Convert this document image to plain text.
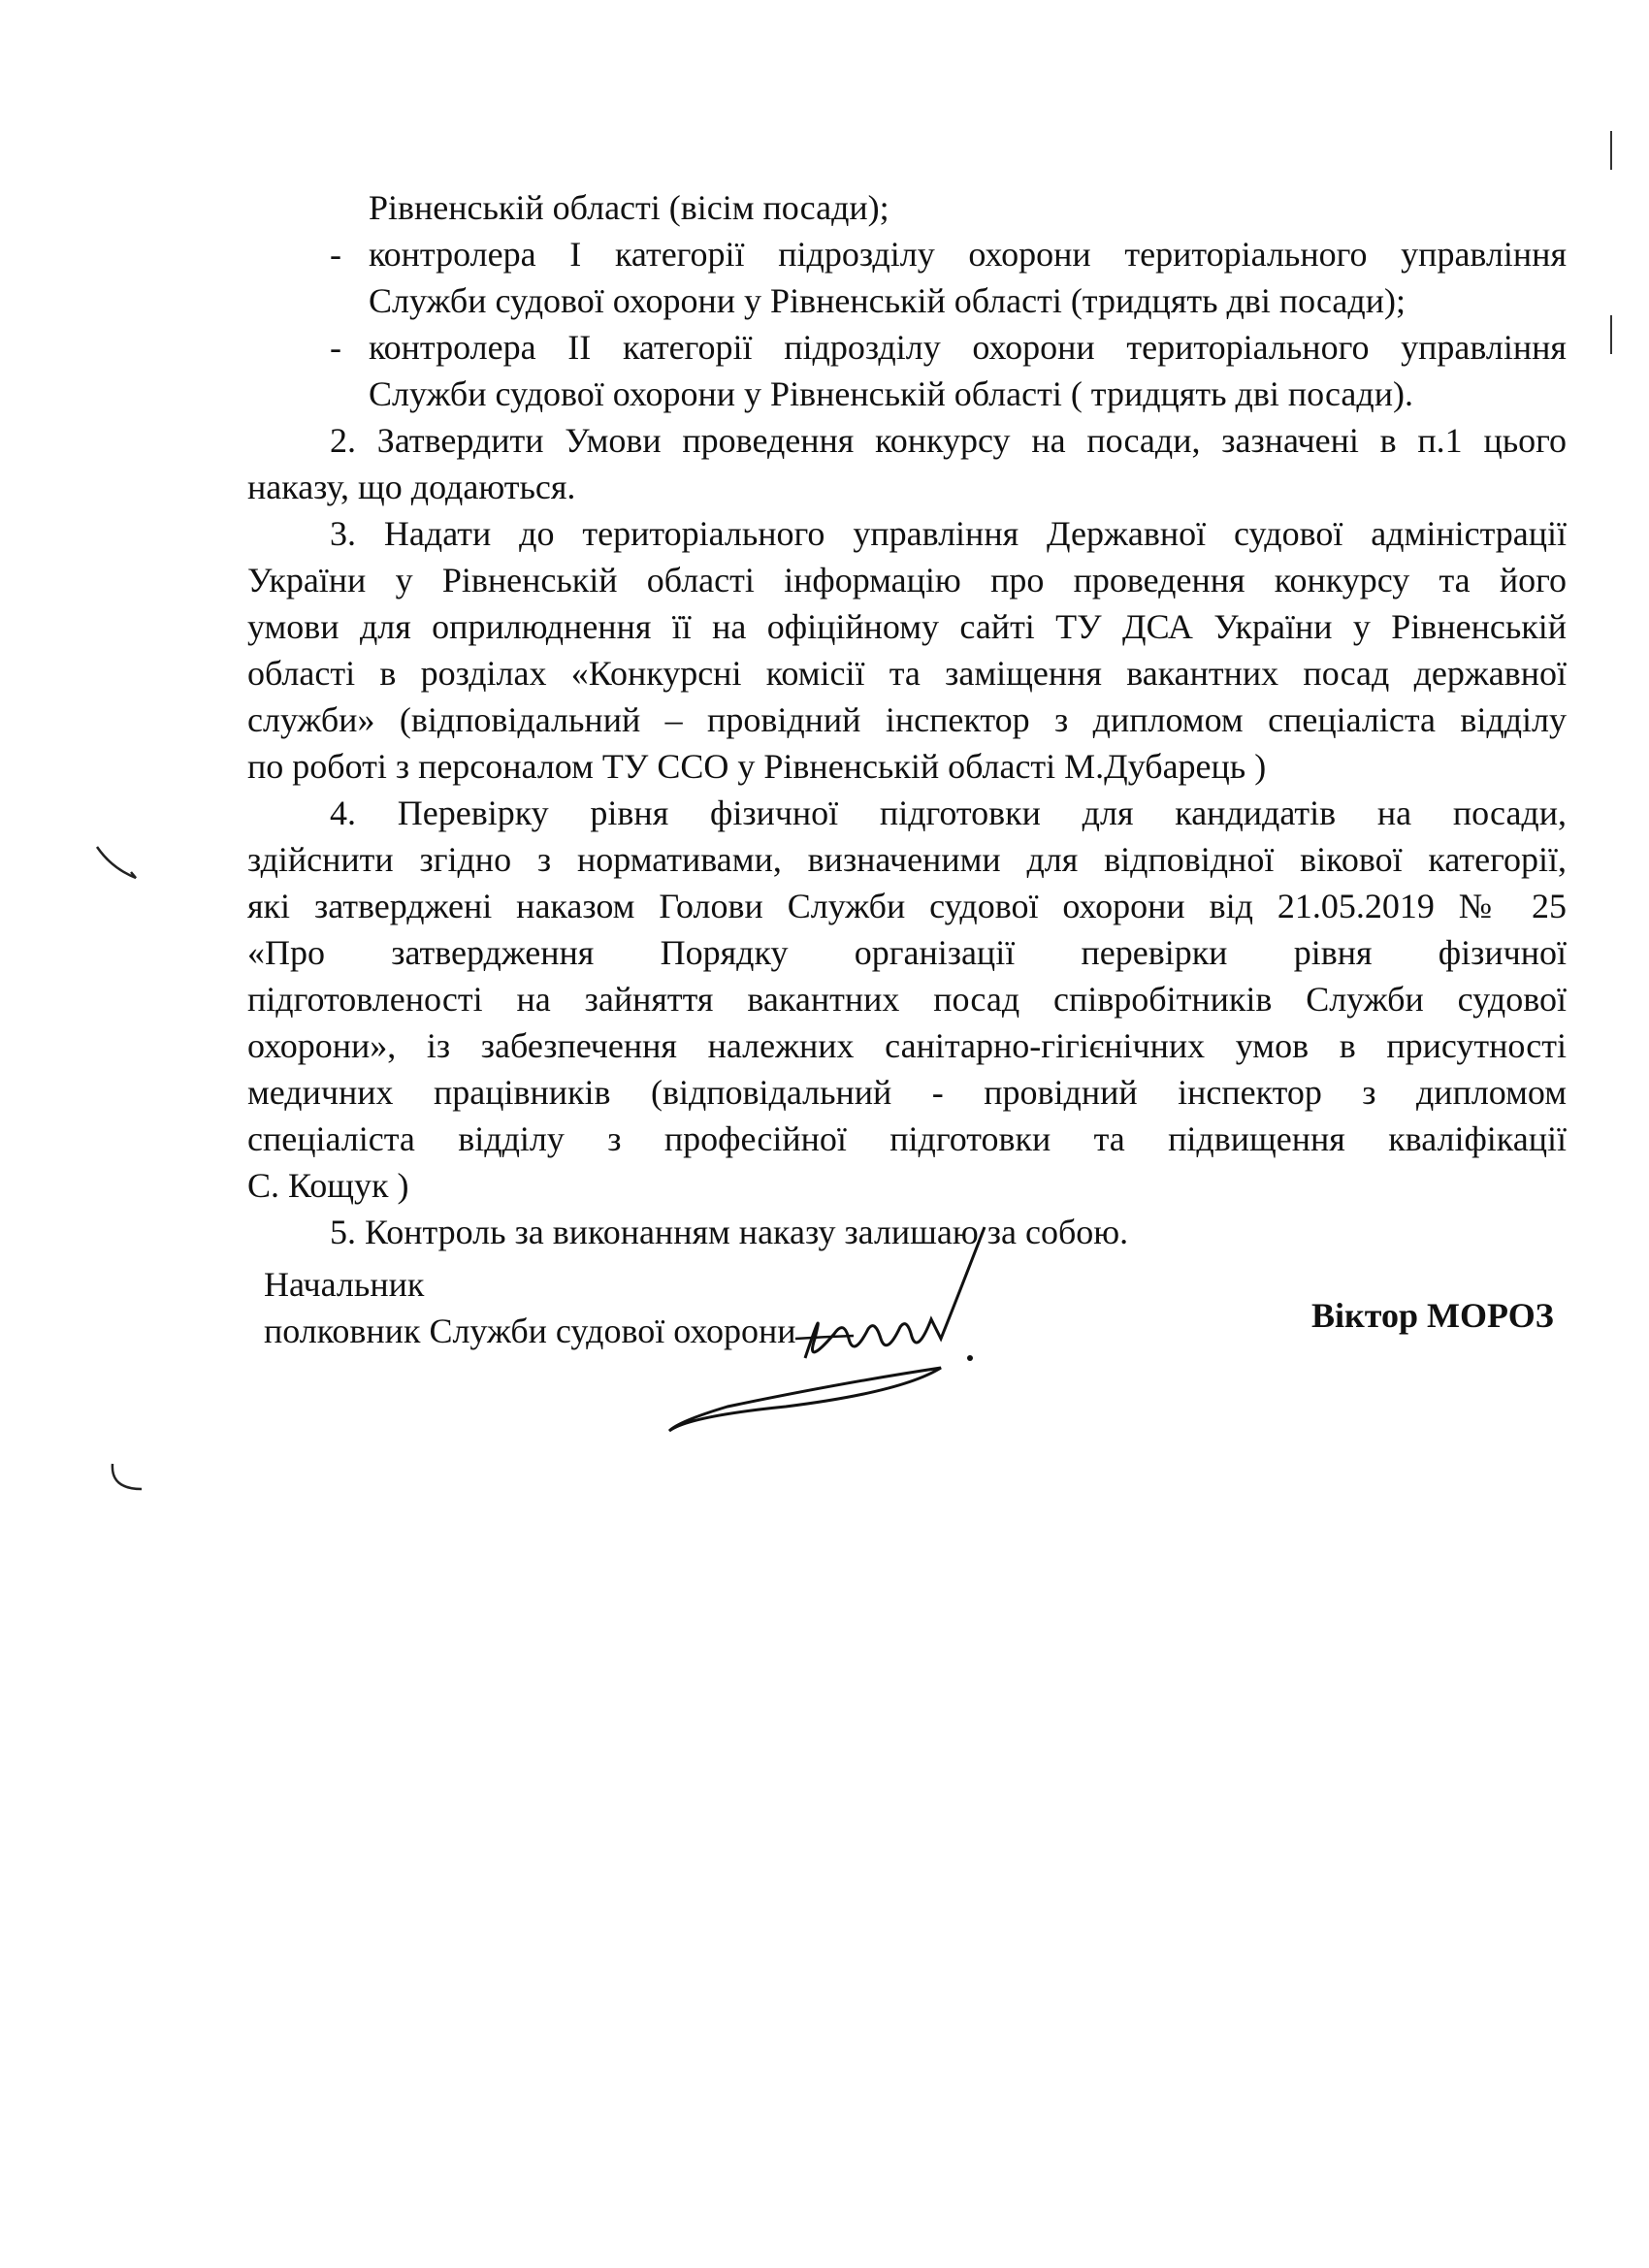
Рівненській області (вісім посади);
- контролера І категорії підрозділу охорони територіального управління
Служби судової охорони у Рівненській області (тридцять дві посади);
- контролера ІІ категорії підрозділу охорони територіального управління
Служби судової охорони у Рівненській області ( тридцять дві посади).
2. Затвердити Умови проведення конкурсу на посади, зазначені в п.1 цього
наказу, що додаються.
3. Надати до територіального управління Державної судової адміністрації
України у Рівненській області інформацію про проведення конкурсу та його
умови для оприлюднення її на офіційному сайті ТУ ДСА України у Рівненській
області в розділах «Конкурсні комісії та заміщення вакантних посад державної
служби» (відповідальний – провідний інспектор з дипломом спеціаліста відділу
по роботі з персоналом ТУ ССО у Рівненській області М.Дубарець )
4. Перевірку рівня фізичної підготовки для кандидатів на посади,
здійснити згідно з нормативами, визначеними для відповідної вікової категорії,
які затверджені наказом Голови Служби судової охорони від 21.05.2019 № 25
«Про затвердження Порядку організації перевірки рівня фізичної
підготовленості на зайняття вакантних посад співробітників Служби судової
охорони», із забезпечення належних санітарно-гігієнічних умов в присутності
медичних працівників (відповідальний - провідний інспектор з дипломом
спеціаліста відділу з професійної підготовки та підвищення кваліфікації
С. Кощук )
5. Контроль за виконанням наказу залишаю за собою.
Начальник
полковник Служби судової охорони	Віктор МОРОЗ
